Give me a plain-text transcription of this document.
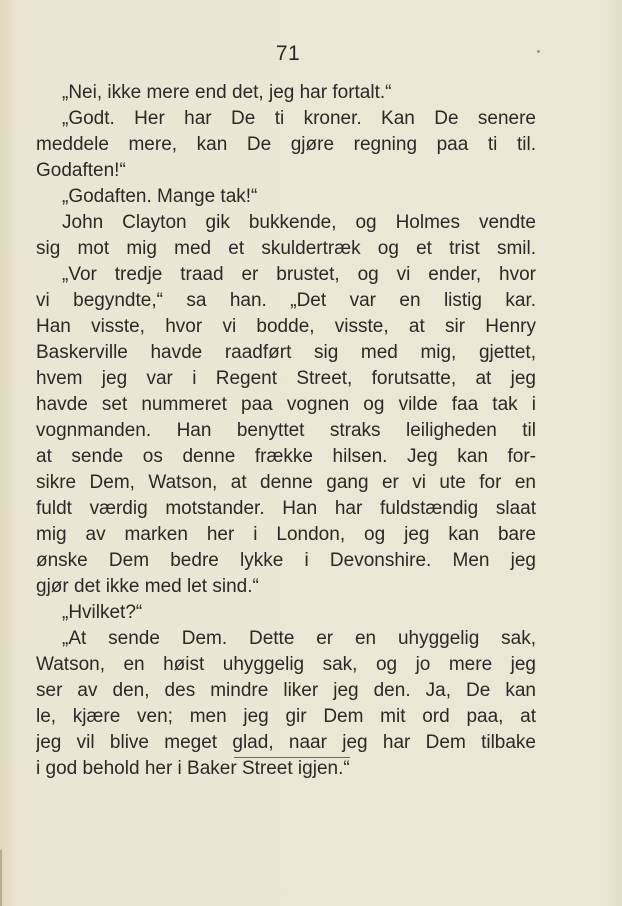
71
„Nei, ikke mere end det, jeg har fortalt.“
„Godt. Her har De ti kroner. Kan De senere
meddele mere, kan De gjøre regning paa ti til.
Godaften!“
„Godaften. Mange tak!“
John Clayton gik bukkende, og Holmes vendte
sig mot mig med et skuldertræk og et trist smil.
„Vor tredje traad er brustet, og vi ender, hvor
vi begyndte,“ sa han. „Det var en listig kar.
Han visste, hvor vi bodde, visste, at sir Henry
Baskerville havde raadført sig med mig, gjettet,
hvem jeg var i Regent Street, forutsatte, at jeg
havde set nummeret paa vognen og vilde faa tak i
vognmanden. Han benyttet straks leiligheden til
at sende os denne frække hilsen. Jeg kan for-
sikre Dem, Watson, at denne gang er vi ute for en
fuldt værdig motstander. Han har fuldstændig slaat
mig av marken her i London, og jeg kan bare
ønske Dem bedre lykke i Devonshire. Men jeg
gjør det ikke med let sind.“
„Hvilket?“
„At sende Dem. Dette er en uhyggelig sak,
Watson, en høist uhyggelig sak, og jo mere jeg
ser av den, des mindre liker jeg den. Ja, De kan
le, kjære ven; men jeg gir Dem mit ord paa, at
jeg vil blive meget glad, naar jeg har Dem tilbake
i god behold her i Baker Street igjen.“
